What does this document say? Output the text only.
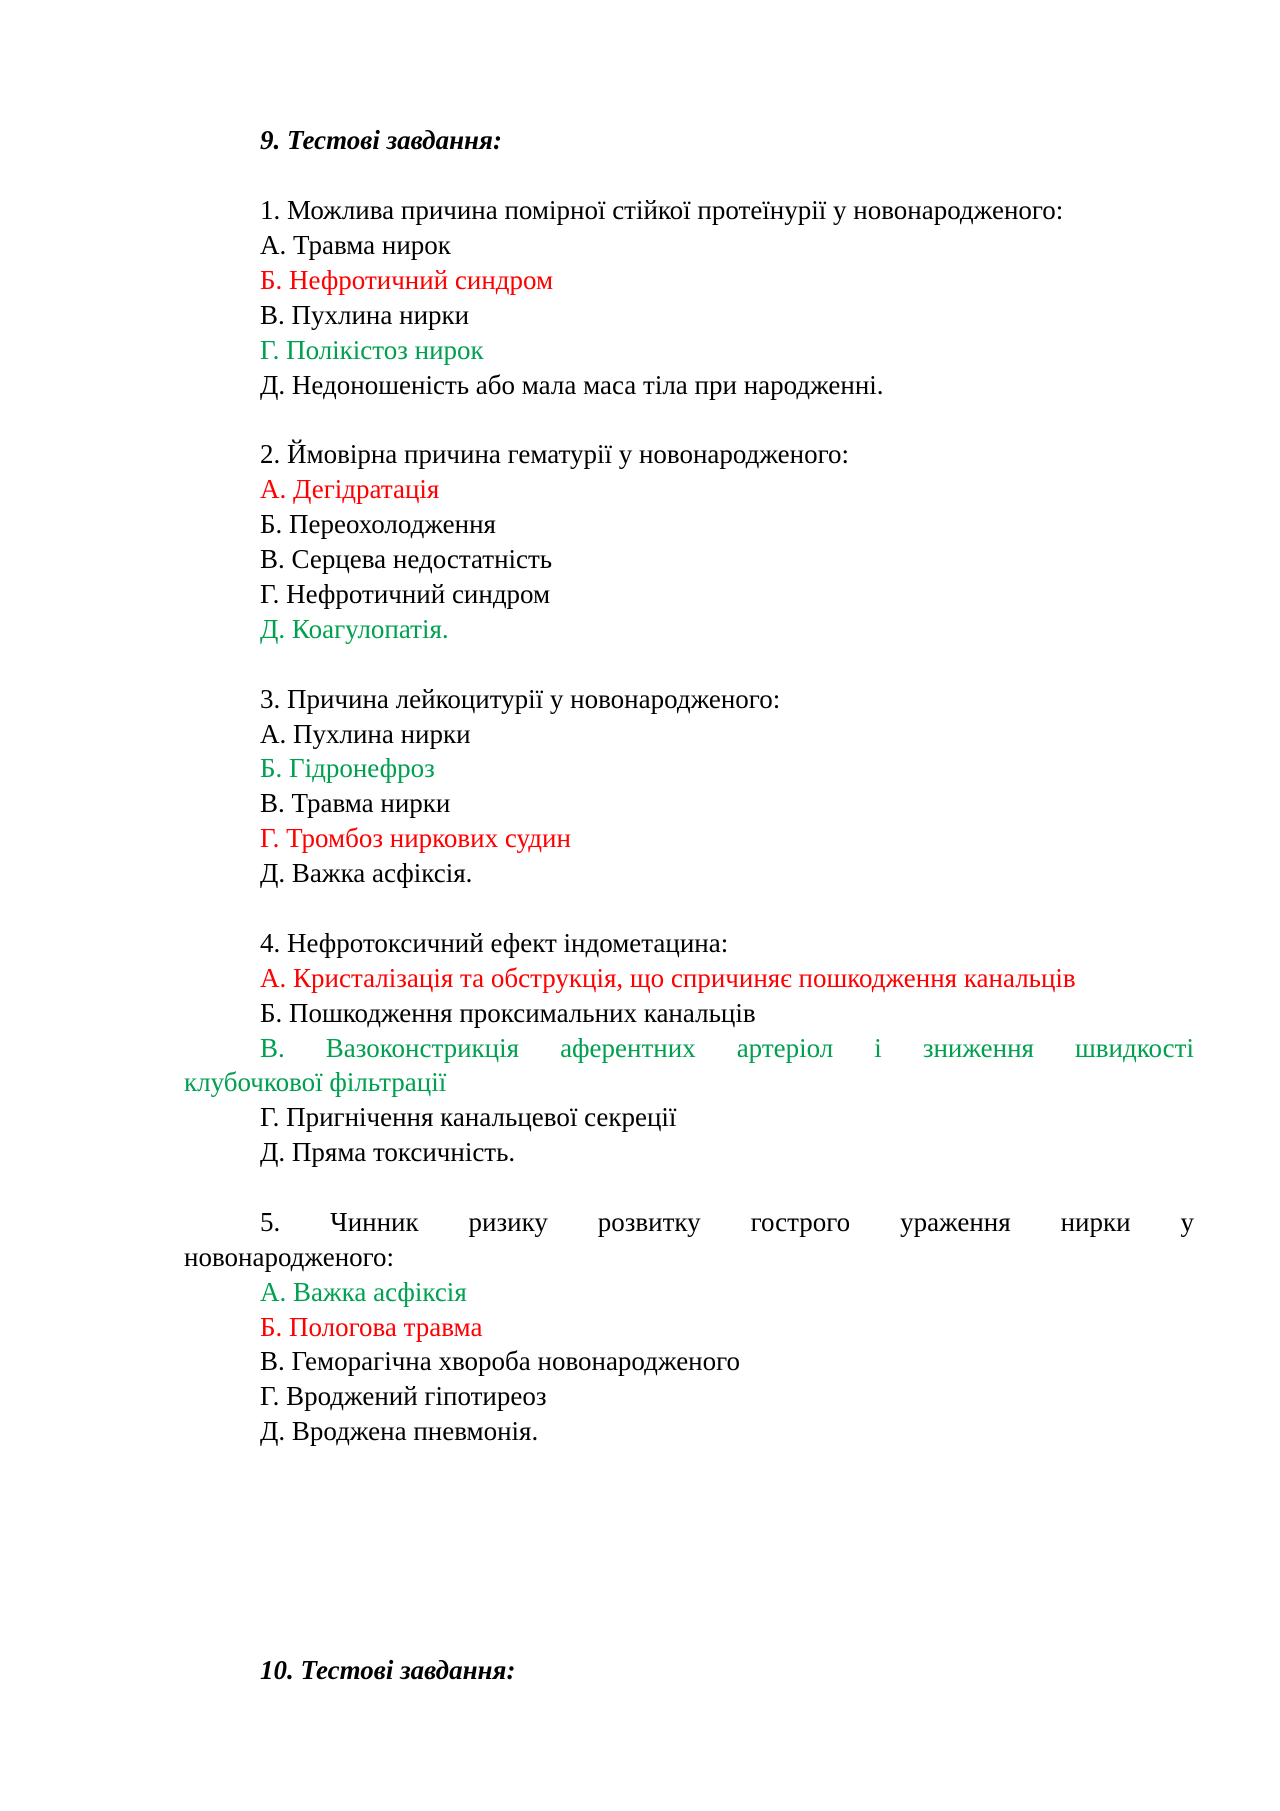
9. Тестові завдання:
1. Можлива причина помірної стійкої протеїнурії у новонародженого:
А. Травма нирок
Б. Нефротичний синдром
В. Пухлина нирки
Г. Полікістоз нирок
Д. Недоношеність або мала маса тіла при народженні.
2. Ймовірна причина гематурії у новонародженого:
А. Дегідратація
Б. Переохолодження
В. Серцева недостатність
Г. Нефротичний синдром
Д. Коагулопатія.
3. Причина лейкоцитурії у новонародженого:
А. Пухлина нирки
Б. Гідронефроз
В. Травма нирки
Г. Тромбоз ниркових судин
Д. Важка асфіксія.
4. Нефротоксичний ефект індометацина:
А. Кристалізація та обструкція, що спричиняє пошкодження канальців
Б. Пошкодження проксимальних канальців
В. Вазоконстрикція аферентних артеріол і зниження швидкості
клубочкової фільтрації
Г. Пригнічення канальцевої секреції
Д. Пряма токсичність.
5. Чинник ризику розвитку гострого ураження нирки у
новонародженого:
А. Важка асфіксія
Б. Пологова травма
В. Геморагічна хвороба новонародженого
Г. Вроджений гіпотиреоз
Д. Вроджена пневмонія.
10. Тестові завдання:
